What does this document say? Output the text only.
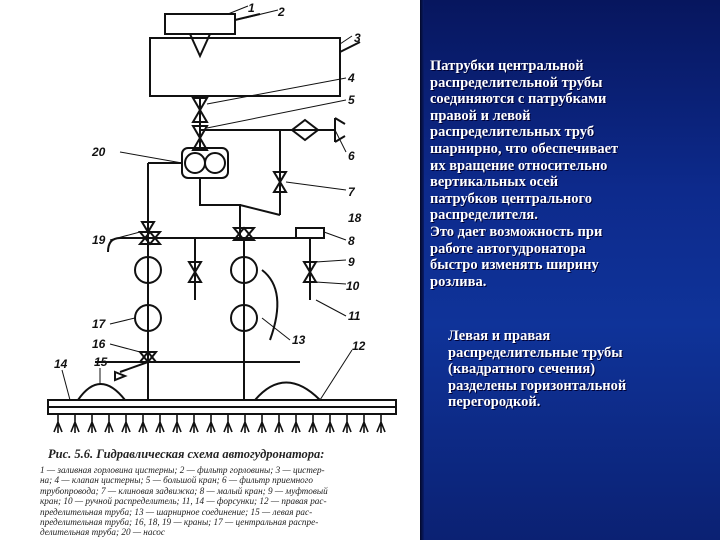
1 2
3
4
5
6
7
8
9
10
11
12
13
14 15
16
17
19
20
18
Рис. 5.6. Гидравлическая схема автогудронатора:
1 — заливная горловина цистерны; 2 — фильтр горловины; 3 — цистер-
на; 4 — клапан цистерны; 5 — большой кран; 6 — фильтр приемного
трубопровода; 7 — клиновая задвижка; 8 — малый кран; 9 — муфтовый
кран; 10 — ручной распределитель; 11, 14 — форсунки; 12 — правая рас-
пределительная труба; 13 — шарнирное соединение; 15 — левая рас-
пределительная труба; 16, 18, 19 — краны; 17 — центральная распре-
делительная труба; 20 — насос
Патрубки центральной
распределительной трубы
соединяются с патрубками
правой и левой
распределительных труб
шарнирно, что обеспечивает
их вращение относительно
вертикальных осей
патрубков центрального
распределителя.
Это дает возможность при
работе автогудронатора
быстро изменять ширину
розлива.
Левая и правая
распределительные трубы
(квадратного сечения)
разделены горизонтальной
перегородкой.
